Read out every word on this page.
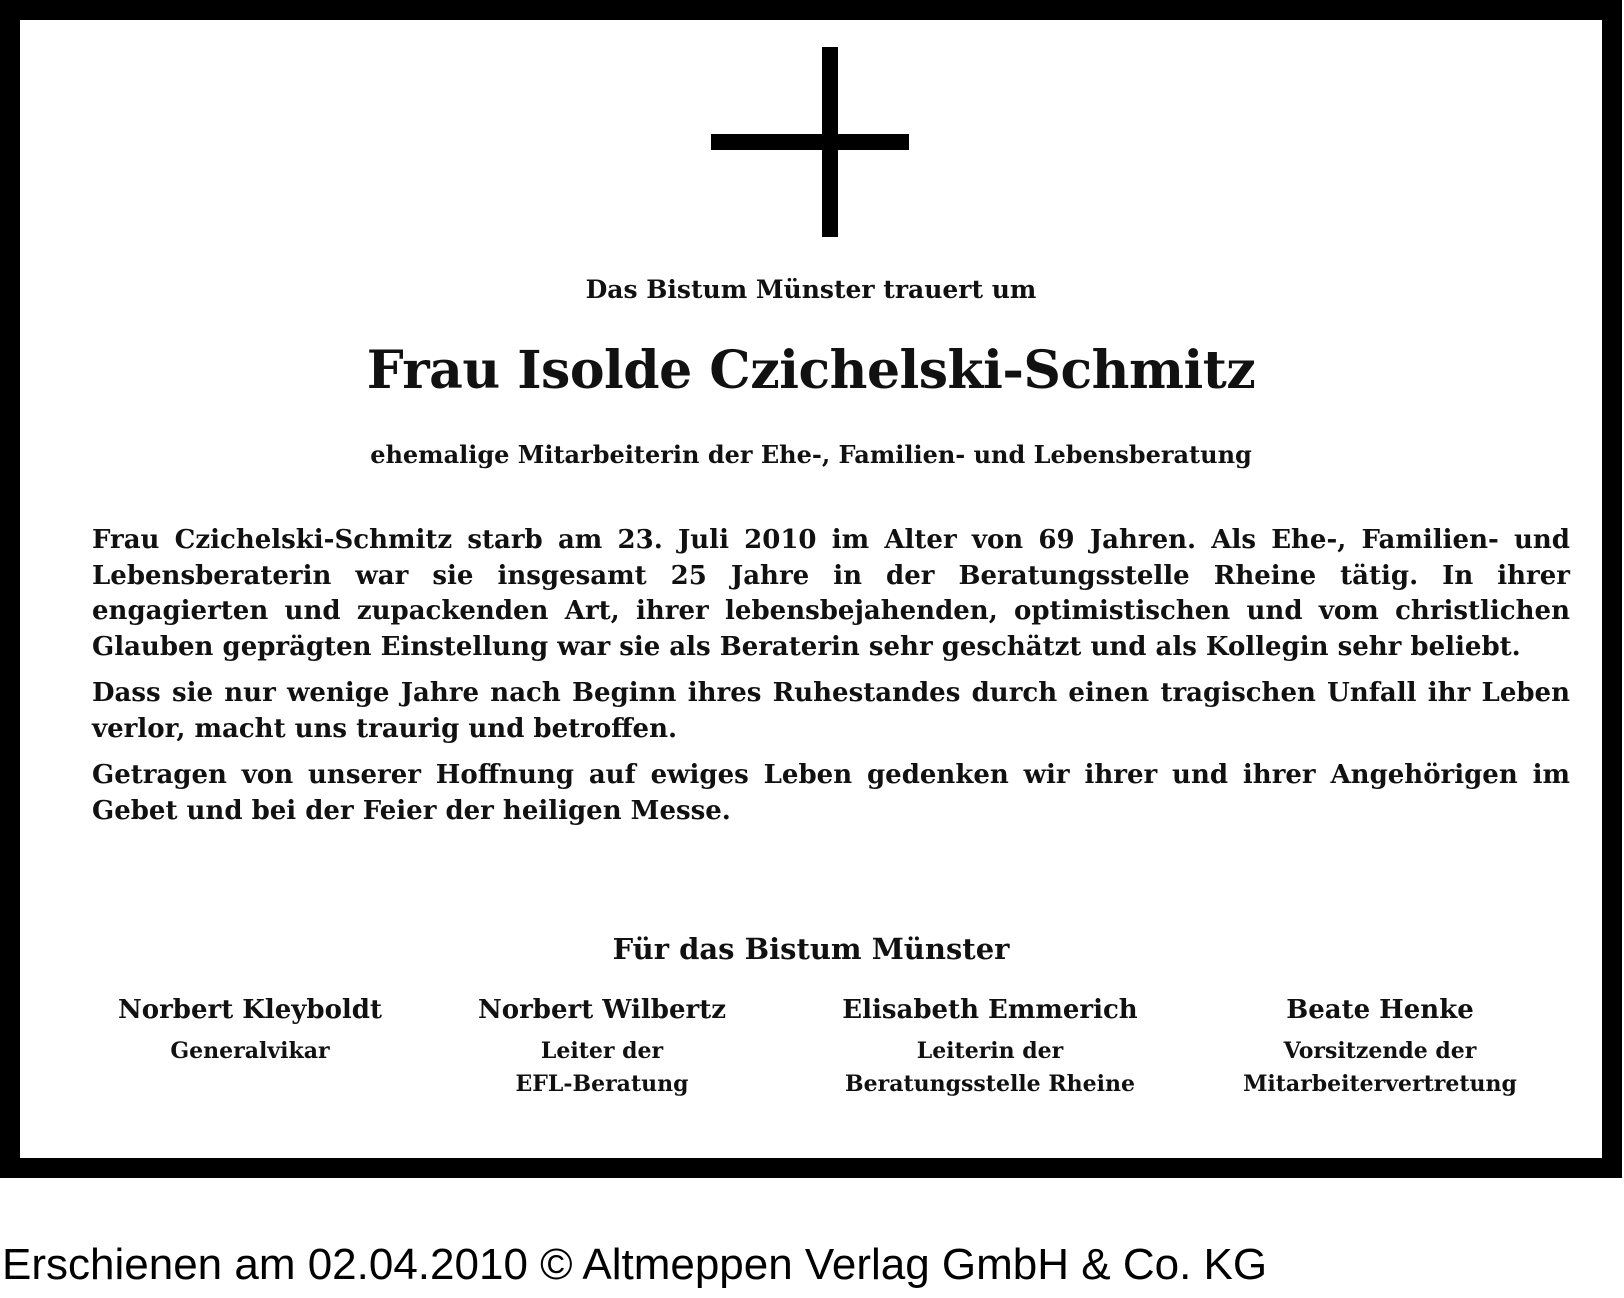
Das Bistum Münster trauert um
Frau Isolde Czichelski-Schmitz
ehemalige Mitarbeiterin der Ehe-, Familien- und Lebensberatung

Frau Czichelski-Schmitz starb am 23. Juli 2010 im Alter von 69 Jahren. Als Ehe-, Familien- und Lebensberaterin war sie insgesamt 25 Jahre in der Beratungsstelle Rheine tätig. In ihrer engagierten und zupackenden Art, ihrer lebensbejahenden, optimistischen und vom christlichen Glauben geprägten Einstellung war sie als Beraterin sehr geschätzt und als Kollegin sehr beliebt.

Dass sie nur wenige Jahre nach Beginn ihres Ruhestandes durch einen tragischen Unfall ihr Leben verlor, macht uns traurig und betroffen.

Getragen von unserer Hoffnung auf ewiges Leben gedenken wir ihrer und ihrer Angehörigen im Gebet und bei der Feier der heiligen Messe.

Für das Bistum Münster
Norbert Kleyboldt
Generalvikar
Norbert Wilbertz
Leiter der
EFL-Beratung
Elisabeth Emmerich
Leiterin der
Beratungsstelle Rheine
Beate Henke
Vorsitzende der
Mitarbeitervertretung
Erschienen am 02.04.2010 © Altmeppen Verlag GmbH & Co. KG
